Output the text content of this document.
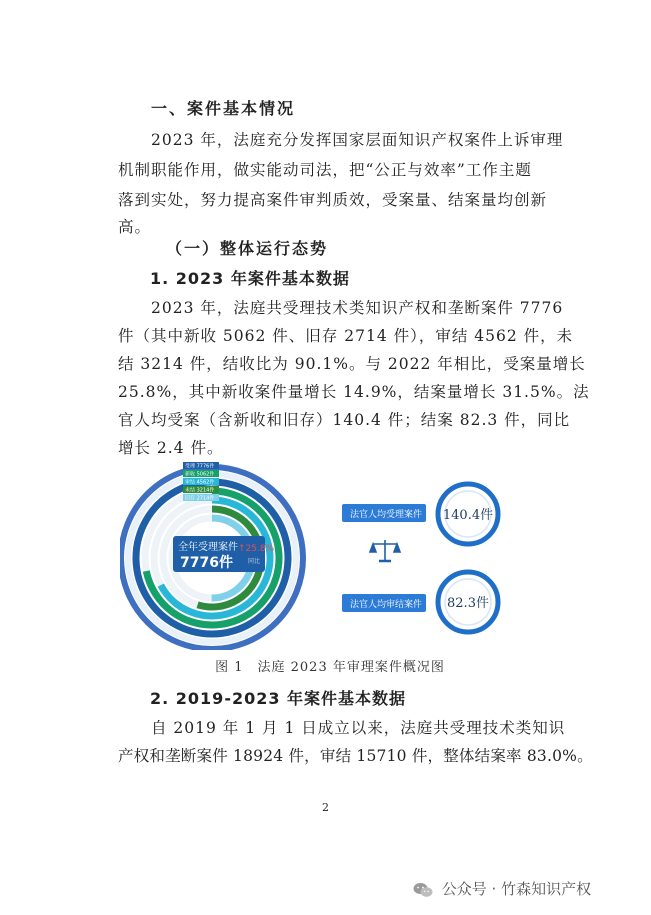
一、案件基本情况
2023 年，法庭充分发挥国家层面知识产权案件上诉审理
机制职能作用，做实能动司法，把“公正与效率”工作主题
落到实处，努力提高案件审判质效，受案量、结案量均创新
高。
（一）整体运行态势
1. 2023 年案件基本数据
2023 年，法庭共受理技术类知识产权和垄断案件 7776
件（其中新收 5062 件、旧存 2714 件），审结 4562 件，未
结 3214 件，结收比为 90.1%。与 2022 年相比，受案量增长
25.8%，其中新收案件量增长 14.9%，结案量增长 31.5%。法
官人均受案（含新收和旧存）140.4 件；结案 82.3 件，同比
增长 2.4 件。
受理 7776件
新收 5062件
审结 4562件
未结 3214件
旧存 2714件
全年受理案件
7776件
↑25.8%
同比
法官人均受理案件 140.4件
法官人均审结案件 82.3件
图 1　法庭 2023 年审理案件概况图
2. 2019-2023 年案件基本数据
自 2019 年 1 月 1 日成立以来，法庭共受理技术类知识
产权和垄断案件 18924 件，审结 15710 件，整体结案率 83.0%。
2
公众号 · 竹森知识产权
